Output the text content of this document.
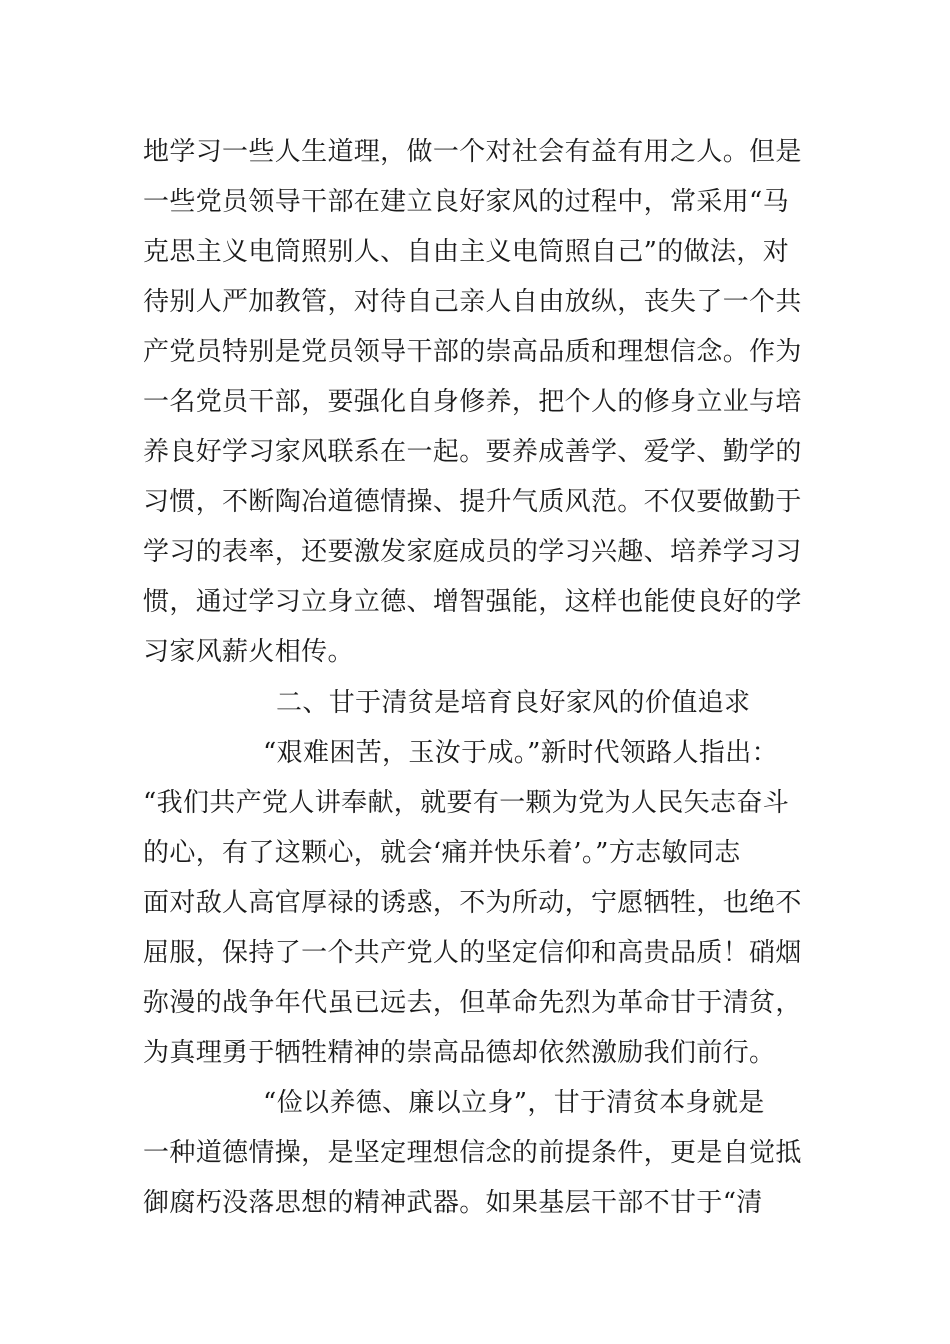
地学习一些人生道理，做一个对社会有益有用之人。但是
一些党员领导干部在建立良好家风的过程中，常采用“马
克思主义电筒照别人、自由主义电筒照自己”的做法，对
待别人严加教管，对待自己亲人自由放纵，丧失了一个共
产党员特别是党员领导干部的崇高品质和理想信念。作为
一名党员干部，要强化自身修养，把个人的修身立业与培
养良好学习家风联系在一起。要养成善学、爱学、勤学的
习惯，不断陶冶道德情操、提升气质风范。不仅要做勤于
学习的表率，还要激发家庭成员的学习兴趣、培养学习习
惯，通过学习立身立德、增智强能，这样也能使良好的学
习家风薪火相传。
二、甘于清贫是培育良好家风的价值追求
“艰难困苦，玉汝于成。”新时代领路人指出：
“我们共产党人讲奉献，就要有一颗为党为人民矢志奋斗
的心，有了这颗心，就会‘痛并快乐着’。”方志敏同志
面对敌人高官厚禄的诱惑，不为所动，宁愿牺牲，也绝不
屈服，保持了一个共产党人的坚定信仰和高贵品质！硝烟
弥漫的战争年代虽已远去，但革命先烈为革命甘于清贫，
为真理勇于牺牲精神的崇高品德却依然激励我们前行。
“俭以养德、廉以立身”，甘于清贫本身就是
一种道德情操，是坚定理想信念的前提条件，更是自觉抵
御腐朽没落思想的精神武器。如果基层干部不甘于“清
